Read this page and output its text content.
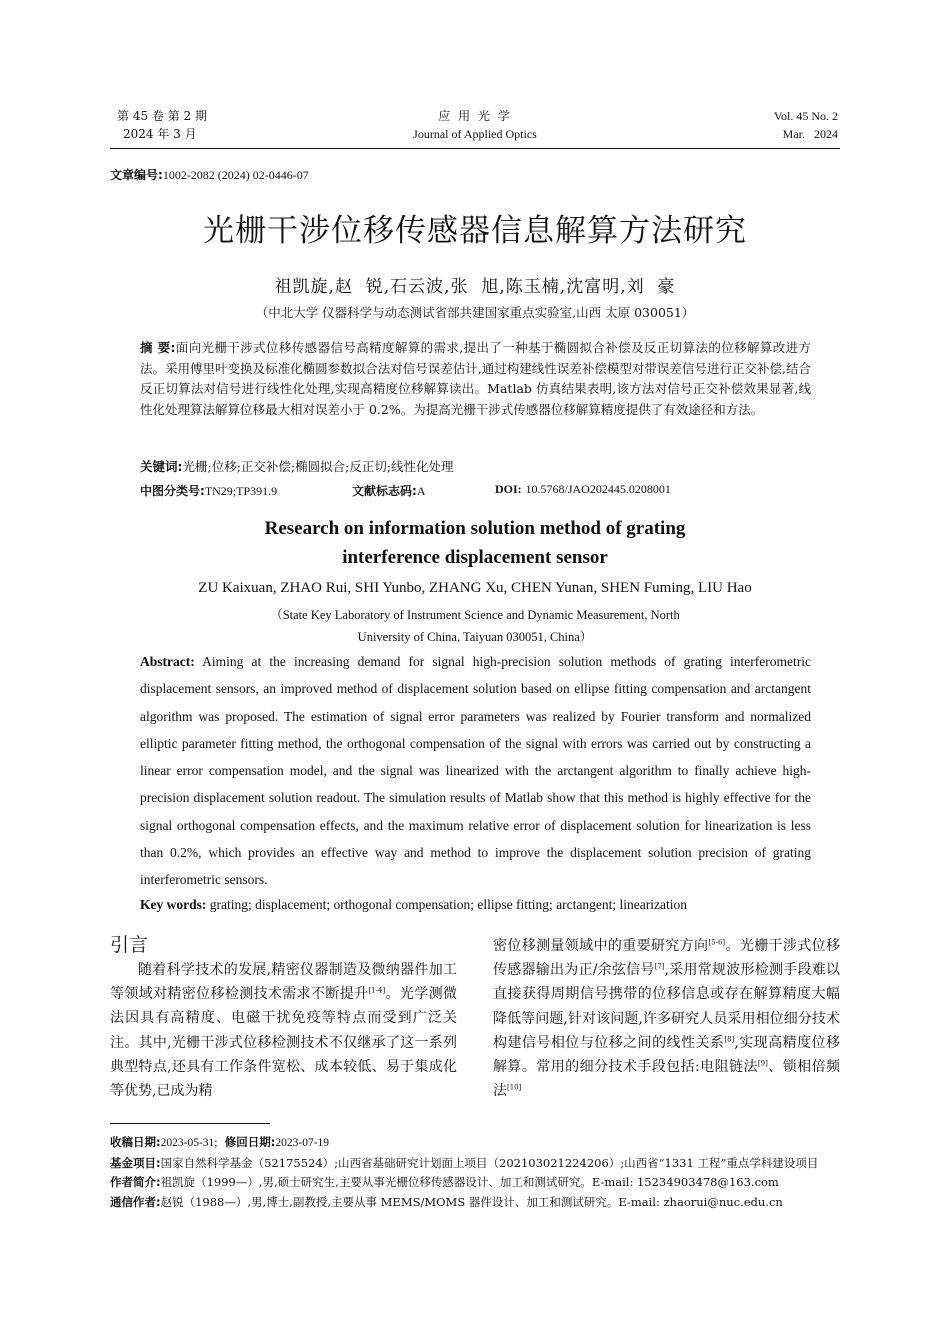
第 45 卷 第 2 期
2024 年 3 月
应 用 光 学
Journal of Applied Optics
Vol. 45 No. 2
Mar.   2024
文章编号:1002-2082 (2024) 02-0446-07
光栅干涉位移传感器信息解算方法研究
祖凯旋,赵  锐,石云波,张  旭,陈玉楠,沈富明,刘  豪
（中北大学 仪器科学与动态测试省部共建国家重点实验室,山西 太原 030051）
摘 要:面向光栅干涉式位移传感器信号高精度解算的需求,提出了一种基于椭圆拟合补偿及反正切算法的位移解算改进方法。采用傅里叶变换及标准化椭圆参数拟合法对信号误差估计,通过构建线性误差补偿模型对带误差信号进行正交补偿,结合反正切算法对信号进行线性化处理,实现高精度位移解算读出。Matlab 仿真结果表明,该方法对信号正交补偿效果显著,线性化处理算法解算位移最大相对误差小于 0.2%。为提高光栅干涉式传感器位移解算精度提供了有效途径和方法。
关键词:光栅;位移;正交补偿;椭圆拟合;反正切;线性化处理
中图分类号:TN29;TP391.9	文献标志码:A	DOI: 10.5768/JAO202445.0208001
Research on information solution method of grating
interference displacement sensor
ZU Kaixuan, ZHAO Rui, SHI Yunbo, ZHANG Xu, CHEN Yunan, SHEN Fuming, LIU Hao
（State Key Laboratory of Instrument Science and Dynamic Measurement, North
University of China, Taiyuan 030051, China）
Abstract: Aiming at the increasing demand for signal high-precision solution methods of grating interferometric displacement sensors, an improved method of displacement solution based on ellipse fitting compensation and arctangent algorithm was proposed. The estimation of signal error parameters was realized by Fourier transform and normalized elliptic parameter fitting method, the orthogonal compensation of the signal with errors was carried out by constructing a linear error compensation model, and the signal was linearized with the arctangent algorithm to finally achieve high-precision displacement solution readout. The simulation results of Matlab show that this method is highly effective for the signal orthogonal compensation effects, and the maximum relative error of displacement solution for linearization is less than 0.2%, which provides an effective way and method to improve the displacement solution precision of grating interferometric sensors.
Key words: grating; displacement; orthogonal compensation; ellipse fitting; arctangent; linearization
引言
随着科学技术的发展,精密仪器制造及微纳器件加工等领域对精密位移检测技术需求不断提升[1-4]。光学测微法因具有高精度、电磁干扰免疫等特点而受到广泛关注。其中,光栅干涉式位移检测技术不仅继承了这一系列典型特点,还具有工作条件宽松、成本较低、易于集成化等优势,已成为精
密位移测量领域中的重要研究方向[5-6]。光栅干涉式位移传感器输出为正/余弦信号[7],采用常规波形检测手段难以直接获得周期信号携带的位移信息或存在解算精度大幅降低等问题,针对该问题,许多研究人员采用相位细分技术构建信号相位与位移之间的线性关系[8],实现高精度位移解算。常用的细分技术手段包括:电阻链法[9]、锁相倍频法[10]
收稿日期:2023-05-31; 修回日期:2023-07-19
基金项目:国家自然科学基金（52175524）;山西省基础研究计划面上项目（202103021224206）;山西省“1331 工程”重点学科建设项目
作者简介:祖凯旋（1999—）,男,硕士研究生,主要从事光栅位移传感器设计、加工和测试研究。E-mail: 15234903478@163.com
通信作者:赵锐（1988—）,男,博士,副教授,主要从事 MEMS/MOMS 器件设计、加工和测试研究。E-mail: zhaorui@nuc.edu.cn
